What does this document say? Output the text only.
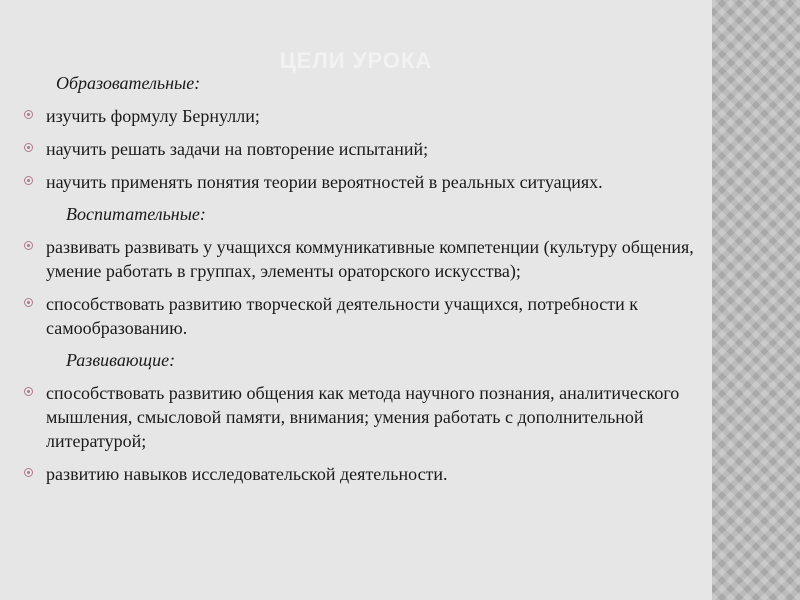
ЦЕЛИ УРОКА
Образовательные:
изучить формулу Бернулли;
научить решать задачи на повторение испытаний;
научить применять понятия теории вероятностей в реальных ситуациях.
Воспитательные:
развивать развивать у учащихся коммуникативные компетенции (культуру общения, умение работать в группах, элементы ораторского искусства);
способствовать развитию творческой деятельности учащихся, потребности к самообразованию.
Развивающие:
способствовать развитию общения как метода научного познания, аналитического мышления, смысловой памяти, внимания; умения работать с дополнительной литературой;
развитию навыков исследовательской деятельности.
